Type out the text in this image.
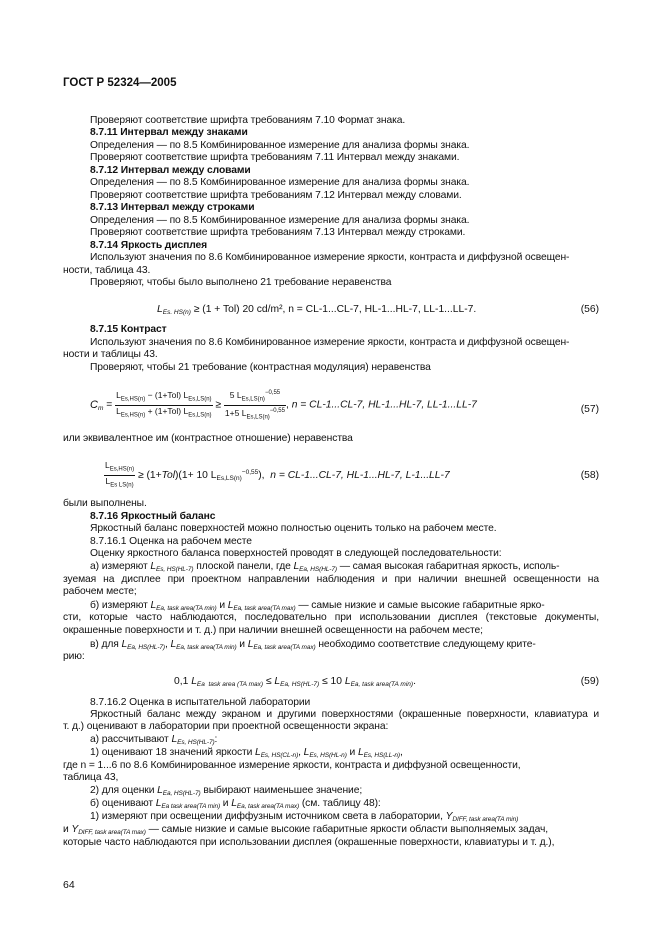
ГОСТ Р 52324—2005
Проверяют соответствие шрифта требованиям 7.10 Формат знака.
8.7.11 Интервал между знаками
Определения — по 8.5 Комбинированное измерение для анализа формы знака.
Проверяют соответствие шрифта требованиям 7.11 Интервал между знаками.
8.7.12 Интервал между словами
Определения — по 8.5 Комбинированное измерение для анализа формы знака.
Проверяют соответствие шрифта требованиям 7.12 Интервал между словами.
8.7.13 Интервал между строками
Определения — по 8.5 Комбинированное измерение для анализа формы знака.
Проверяют соответствие шрифта требованиям 7.13 Интервал между строками.
8.7.14 Яркость дисплея
Используют значения по 8.6 Комбинированное измерение яркости, контраста и диффузной освещен-
ности, таблица 43.
Проверяют, чтобы было выполнено 21 требование неравенства
LEs. HS(n) ≥ (1 + Tol) 20 cd/m², n = CL-1...CL-7, HL-1...HL-7, LL-1...LL-7.	(56)
8.7.15 Контраст
Используют значения по 8.6 Комбинированное измерение яркости, контраста и диффузной освещен-
ности и таблицы 43.
Проверяют, чтобы 21 требование (контрастная модуляция) неравенства
$Cm = \frac{L_{Es,HS(n)} - (1+Tol) L_{Es,LS(n)}}{L_{Es,HS(n)} + (1+Tol) L_{Es,LS(n)}} \ge \frac{5 L_{Es,LS(n)}^{-0,55}}{1+5 L_{Es,LS(n)}^{-0,55}}$ , n = CL-1...CL-7, HL-1...HL-7, LL-1...LL-7	(57)
или эквивалентное им (контрастное отношение) неравенства
$\frac{L_{Es,HS(n)}}{L_{Es LS(n)}} \ge (1+Tol)(1+ 10$ $LEs,LS(n)^{-0,55}$),  n = CL-1...CL-7, HL-1...HL-7, L-1...LL-7	(58)
были выполнены.
8.7.16 Яркостный баланс
Яркостный баланс поверхностей можно полностью оценить только на рабочем месте.
8.7.16.1 Оценка на рабочем месте
Оценку яркостного баланса поверхностей проводят в следующей последовательности:
а) измеряют LEs, HS(HL-7) плоской панели, где LEa, HS(HL-7) — самая высокая габаритная яркость, исполь-
зуемая на дисплее при проектном направлении наблюдения и при наличии внешней освещенности на
рабочем месте;
б) измеряют LEa, task area(TA min) и LEa, task area(TA max) — самые низкие и самые высокие габаритные ярко-
сти, которые часто наблюдаются, последовательно при использовании дисплея (текстовые документы,
окрашенные поверхности и т. д.) при наличии внешней освещенности на рабочем месте;
в) для LEa, HS(HL-7), LEa, task area(TA min) и LEa, task area(TA max) необходимо соответствие следующему крите-
рию:
0,1 LEa  task area (TA max) ≤ LEa, HS(HL-7) ≤ 10 LEa, task area(TA min).	(59)
8.7.16.2 Оценка в испытательной лаборатории
Яркостный баланс между экраном и другими поверхностями (окрашенные поверхности, клавиатура и
т. д.) оценивают в лаборатории при проектной освещенности экрана:
а) рассчитывают LEs, HS(HL-7):
1) оценивают 18 значений яркости LEs, HS(CL-n), LEs, HS(HL-n) и LEs, HS(LL-n),
где n = 1...6 по 8.6 Комбинированное измерение яркости, контраста и диффузной освещенности,
таблица 43,
2) для оценки LEa, HS(HL-7) выбирают наименьшее значение;
б) оценивают LEa task area(TA min) и LEa, task area(TA max) (см. таблицу 48):
1) измеряют при освещении диффузным источником света в лаборатории, YDIFF, task area(TA min)
и YDIFF, task area(TA max) — самые низкие и самые высокие габаритные яркости области выполняемых задач,
которые часто наблюдаются при использовании дисплея (окрашенные поверхности, клавиатуры и т. д.),
64
